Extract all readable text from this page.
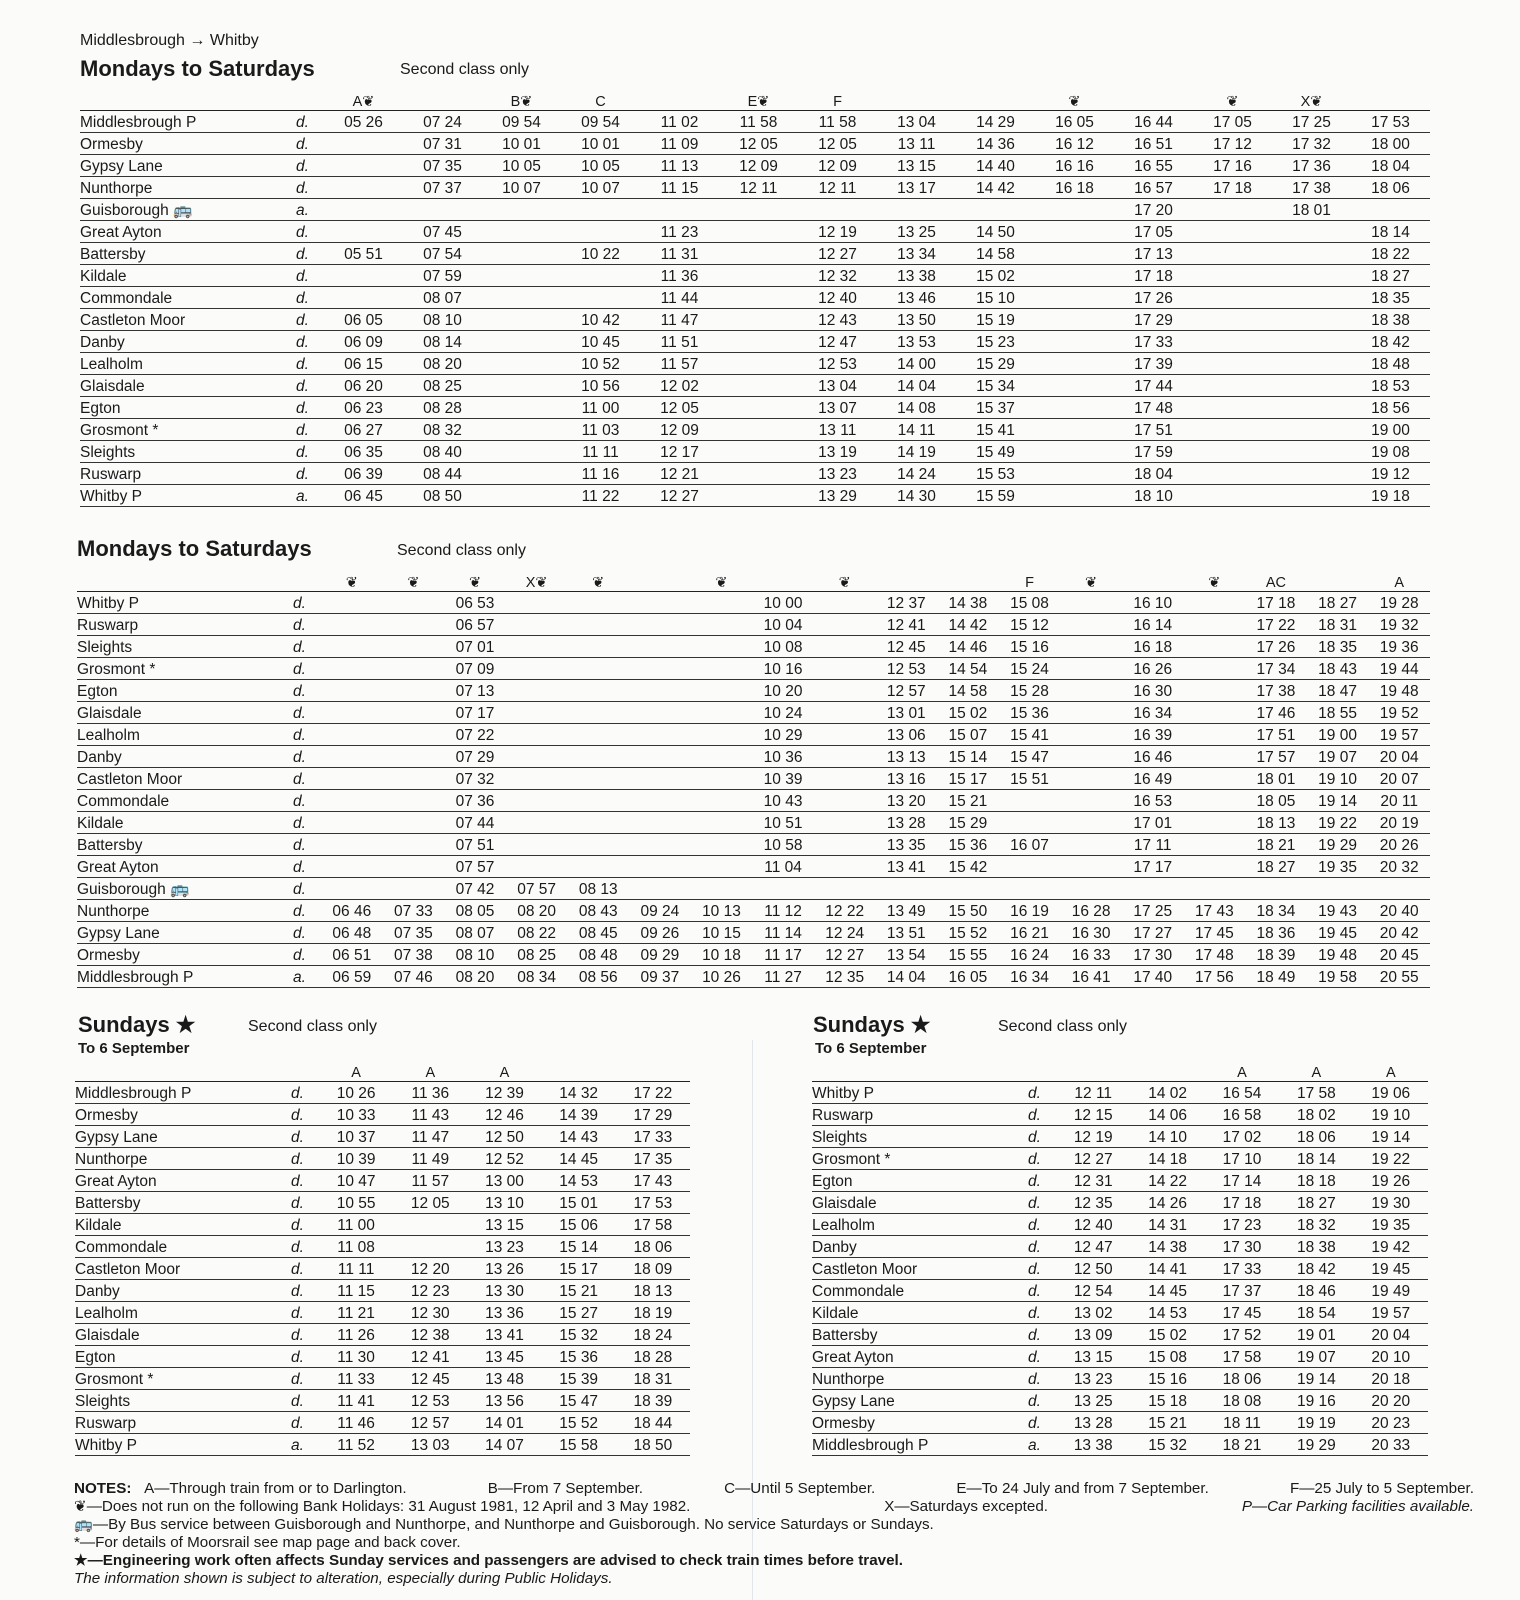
Middlesbrough → Whitby
Mondays to Saturdays	Second class only
		A❦		B❦	C		E❦	F			❦		❦	X❦	
Middlesbrough P	d.	05 26	07 24	09 54	09 54	11 02	11 58	11 58	13 04	14 29	16 05	16 44	17 05	17 25	17 53
Ormesby	d.		07 31	10 01	10 01	11 09	12 05	12 05	13 11	14 36	16 12	16 51	17 12	17 32	18 00
Gypsy Lane	d.		07 35	10 05	10 05	11 13	12 09	12 09	13 15	14 40	16 16	16 55	17 16	17 36	18 04
Nunthorpe	d.		07 37	10 07	10 07	11 15	12 11	12 11	13 17	14 42	16 18	16 57	17 18	17 38	18 06
Guisborough 🚌	a.											17 20		18 01	
Great Ayton	d.		07 45			11 23		12 19	13 25	14 50		17 05			18 14
Battersby	d.	05 51	07 54		10 22	11 31		12 27	13 34	14 58		17 13			18 22
Kildale	d.		07 59			11 36		12 32	13 38	15 02		17 18			18 27
Commondale	d.		08 07			11 44		12 40	13 46	15 10		17 26			18 35
Castleton Moor	d.	06 05	08 10		10 42	11 47		12 43	13 50	15 19		17 29			18 38
Danby	d.	06 09	08 14		10 45	11 51		12 47	13 53	15 23		17 33			18 42
Lealholm	d.	06 15	08 20		10 52	11 57		12 53	14 00	15 29		17 39			18 48
Glaisdale	d.	06 20	08 25		10 56	12 02		13 04	14 04	15 34		17 44			18 53
Egton	d.	06 23	08 28		11 00	12 05		13 07	14 08	15 37		17 48			18 56
Grosmont *	d.	06 27	08 32		11 03	12 09		13 11	14 11	15 41		17 51			19 00
Sleights	d.	06 35	08 40		11 11	12 17		13 19	14 19	15 49		17 59			19 08
Ruswarp	d.	06 39	08 44		11 16	12 21		13 23	14 24	15 53		18 04			19 12
Whitby P	a.	06 45	08 50		11 22	12 27		13 29	14 30	15 59		18 10			19 18
Mondays to Saturdays	Second class only
		❦	❦	❦	X❦	❦		❦		❦			F	❦		❦	AC		A
Whitby P	d.			06 53					10 00		12 37	14 38	15 08		16 10		17 18	18 27	19 28
Ruswarp	d.			06 57					10 04		12 41	14 42	15 12		16 14		17 22	18 31	19 32
Sleights	d.			07 01					10 08		12 45	14 46	15 16		16 18		17 26	18 35	19 36
Grosmont *	d.			07 09					10 16		12 53	14 54	15 24		16 26		17 34	18 43	19 44
Egton	d.			07 13					10 20		12 57	14 58	15 28		16 30		17 38	18 47	19 48
Glaisdale	d.			07 17					10 24		13 01	15 02	15 36		16 34		17 46	18 55	19 52
Lealholm	d.			07 22					10 29		13 06	15 07	15 41		16 39		17 51	19 00	19 57
Danby	d.			07 29					10 36		13 13	15 14	15 47		16 46		17 57	19 07	20 04
Castleton Moor	d.			07 32					10 39		13 16	15 17	15 51		16 49		18 01	19 10	20 07
Commondale	d.			07 36					10 43		13 20	15 21			16 53		18 05	19 14	20 11
Kildale	d.			07 44					10 51		13 28	15 29			17 01		18 13	19 22	20 19
Battersby	d.			07 51					10 58		13 35	15 36	16 07		17 11		18 21	19 29	20 26
Great Ayton	d.			07 57					11 04		13 41	15 42			17 17		18 27	19 35	20 32
Guisborough 🚌	d.			07 42	07 57	08 13													
Nunthorpe	d.	06 46	07 33	08 05	08 20	08 43	09 24	10 13	11 12	12 22	13 49	15 50	16 19	16 28	17 25	17 43	18 34	19 43	20 40
Gypsy Lane	d.	06 48	07 35	08 07	08 22	08 45	09 26	10 15	11 14	12 24	13 51	15 52	16 21	16 30	17 27	17 45	18 36	19 45	20 42
Ormesby	d.	06 51	07 38	08 10	08 25	08 48	09 29	10 18	11 17	12 27	13 54	15 55	16 24	16 33	17 30	17 48	18 39	19 48	20 45
Middlesbrough P	a.	06 59	07 46	08 20	08 34	08 56	09 37	10 26	11 27	12 35	14 04	16 05	16 34	16 41	17 40	17 56	18 49	19 58	20 55
Sundays ★	Second class only
To 6 September
		A	A	A		
Middlesbrough P	d.	10 26	11 36	12 39	14 32	17 22
Ormesby	d.	10 33	11 43	12 46	14 39	17 29
Gypsy Lane	d.	10 37	11 47	12 50	14 43	17 33
Nunthorpe	d.	10 39	11 49	12 52	14 45	17 35
Great Ayton	d.	10 47	11 57	13 00	14 53	17 43
Battersby	d.	10 55	12 05	13 10	15 01	17 53
Kildale	d.	11 00		13 15	15 06	17 58
Commondale	d.	11 08		13 23	15 14	18 06
Castleton Moor	d.	11 11	12 20	13 26	15 17	18 09
Danby	d.	11 15	12 23	13 30	15 21	18 13
Lealholm	d.	11 21	12 30	13 36	15 27	18 19
Glaisdale	d.	11 26	12 38	13 41	15 32	18 24
Egton	d.	11 30	12 41	13 45	15 36	18 28
Grosmont *	d.	11 33	12 45	13 48	15 39	18 31
Sleights	d.	11 41	12 53	13 56	15 47	18 39
Ruswarp	d.	11 46	12 57	14 01	15 52	18 44
Whitby P	a.	11 52	13 03	14 07	15 58	18 50
Sundays ★	Second class only
To 6 September
				A	A	A
Whitby P	d.	12 11	14 02	16 54	17 58	19 06
Ruswarp	d.	12 15	14 06	16 58	18 02	19 10
Sleights	d.	12 19	14 10	17 02	18 06	19 14
Grosmont *	d.	12 27	14 18	17 10	18 14	19 22
Egton	d.	12 31	14 22	17 14	18 18	19 26
Glaisdale	d.	12 35	14 26	17 18	18 27	19 30
Lealholm	d.	12 40	14 31	17 23	18 32	19 35
Danby	d.	12 47	14 38	17 30	18 38	19 42
Castleton Moor	d.	12 50	14 41	17 33	18 42	19 45
Commondale	d.	12 54	14 45	17 37	18 46	19 49
Kildale	d.	13 02	14 53	17 45	18 54	19 57
Battersby	d.	13 09	15 02	17 52	19 01	20 04
Great Ayton	d.	13 15	15 08	17 58	19 07	20 10
Nunthorpe	d.	13 23	15 16	18 06	19 14	20 18
Gypsy Lane	d.	13 25	15 18	18 08	19 16	20 20
Ormesby	d.	13 28	15 21	18 11	19 19	20 23
Middlesbrough P	a.	13 38	15 32	18 21	19 29	20 33
NOTES: A—Through train from or to Darlington.	B—From 7 September.	C—Until 5 September.	E—To 24 July and from 7 September.	F—25 July to 5 September.
❦—Does not run on the following Bank Holidays: 31 August 1981, 12 April and 3 May 1982.	X—Saturdays excepted.	P—Car Parking facilities available.
🚌—By Bus service between Guisborough and Nunthorpe, and Nunthorpe and Guisborough. No service Saturdays or Sundays.
*—For details of Moorsrail see map page and back cover.
★—Engineering work often affects Sunday services and passengers are advised to check train times before travel.
The information shown is subject to alteration, especially during Public Holidays.
